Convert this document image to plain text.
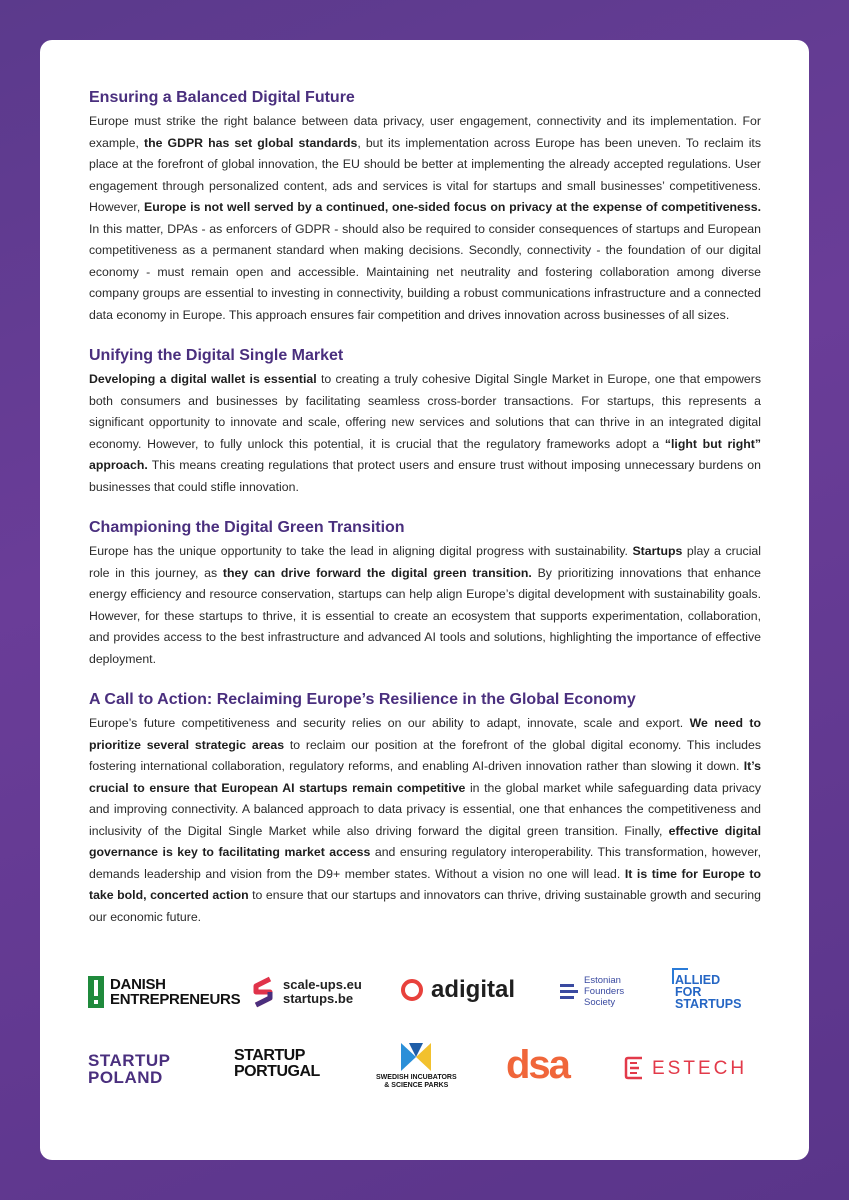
Ensuring a Balanced Digital Future

Europe must strike the right balance between data privacy, user engagement, connectivity and its implementation. For example, the GDPR has set global standards, but its implementation across Europe has been uneven. To reclaim its place at the forefront of global innovation, the EU should be better at implementing the already accepted regulations. User engagement through personalized content, ads and services is vital for startups and small businesses’ competitiveness. However, Europe is not well served by a continued, one-sided focus on privacy at the expense of competitiveness. In this matter, DPAs - as enforcers of GDPR - should also be required to consider consequences of startups and European competitiveness as a permanent standard when making decisions. Secondly, connectivity - the foundation of our digital economy - must remain open and accessible. Maintaining net neutrality and fostering collaboration among diverse company groups are essential to investing in connectivity, building a robust communications infrastructure and a connected data economy in Europe. This approach ensures fair competition and drives innovation across businesses of all sizes.

Unifying the Digital Single Market

Developing a digital wallet is essential to creating a truly cohesive Digital Single Market in Europe, one that empowers both consumers and businesses by facilitating seamless cross-border transactions. For startups, this represents a significant opportunity to innovate and scale, offering new services and solutions that can thrive in an integrated digital economy. However, to fully unlock this potential, it is crucial that the regulatory frameworks adopt a “light but right” approach. This means creating regulations that protect users and ensure trust without imposing unnecessary burdens on businesses that could stifle innovation.

Championing the Digital Green Transition

Europe has the unique opportunity to take the lead in aligning digital progress with sustainability. Startups play a crucial role in this journey, as they can drive forward the digital green transition. By prioritizing innovations that enhance energy efficiency and resource conservation, startups can help align Europe’s digital development with sustainability goals. However, for these startups to thrive, it is essential to create an ecosystem that supports experimentation, collaboration, and provides access to the best infrastructure and advanced AI tools and solutions, highlighting the importance of effective deployment.

A Call to Action: Reclaiming Europe’s Resilience in the Global Economy

Europe’s future competitiveness and security relies on our ability to adapt, innovate, scale and export. We need to prioritize several strategic areas to reclaim our position at the forefront of the global digital economy. This includes fostering international collaboration, regulatory reforms, and enabling AI-driven innovation rather than slowing it down. It’s crucial to ensure that European AI startups remain competitive in the global market while safeguarding data privacy and improving connectivity. A balanced approach to data privacy is essential, one that enhances the competitiveness and inclusivity of the Digital Single Market while also driving forward the digital green transition. Finally, effective digital governance is key to facilitating market access and ensuring regulatory interoperability. This transformation, however, demands leadership and vision from the D9+ member states. Without a vision no one will lead. It is time for Europe to take bold, concerted action to ensure that our startups and innovators can thrive, driving sustainable growth and securing our economic future.

DANISH
ENTREPRENEURS
scale-ups.eu
startups.be	adigital	Estonian
Founders
Society
ALLIED
FOR
STARTUPS
STARTUP
POLAND
STARTUP
PORTUGAL	SWEDISH INCUBATORS
& SCIENCE PARKS dsa	ESTECH
